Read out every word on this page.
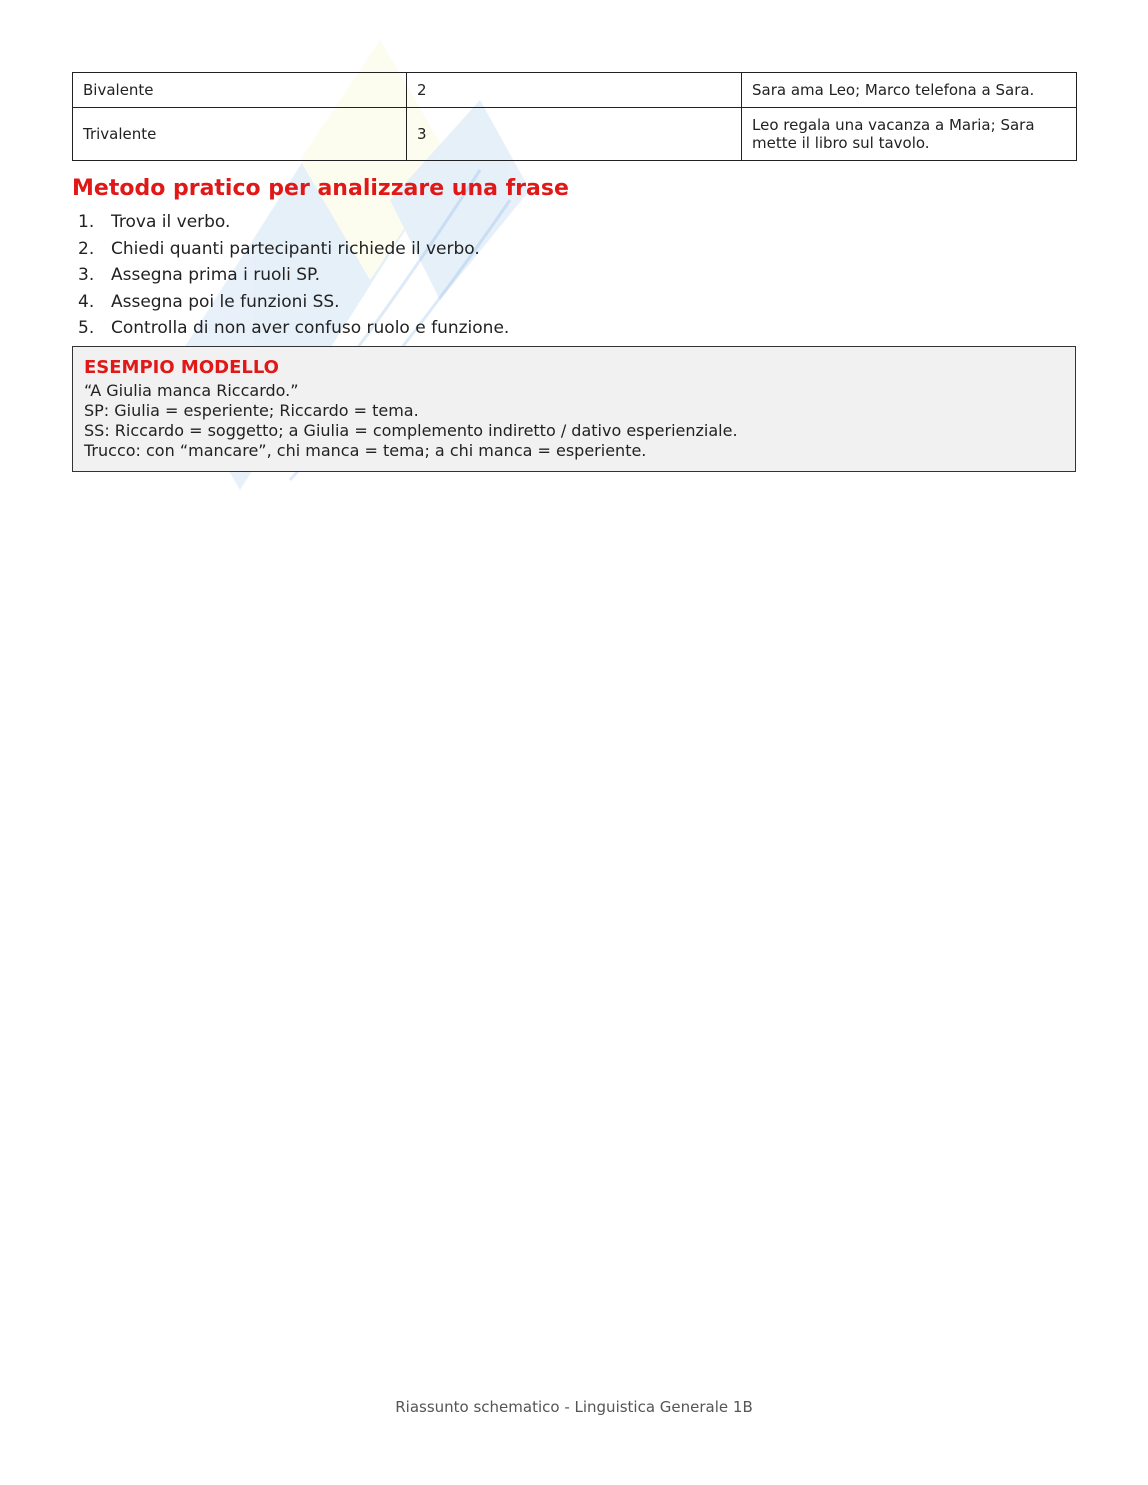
Bivalente	2	Sara ama Leo; Marco telefona a Sara.
Trivalente	3	Leo regala una vacanza a Maria; Sara mette il libro sul tavolo.
Metodo pratico per analizzare una frase
1. Trova il verbo.
2. Chiedi quanti partecipanti richiede il verbo.
3. Assegna prima i ruoli SP.
4. Assegna poi le funzioni SS.
5. Controlla di non aver confuso ruolo e funzione.
ESEMPIO MODELLO
“A Giulia manca Riccardo.”
SP: Giulia = esperiente; Riccardo = tema.
SS: Riccardo = soggetto; a Giulia = complemento indiretto / dativo esperienziale.
Trucco: con “mancare”, chi manca = tema; a chi manca = esperiente.
Riassunto schematico - Linguistica Generale 1B
